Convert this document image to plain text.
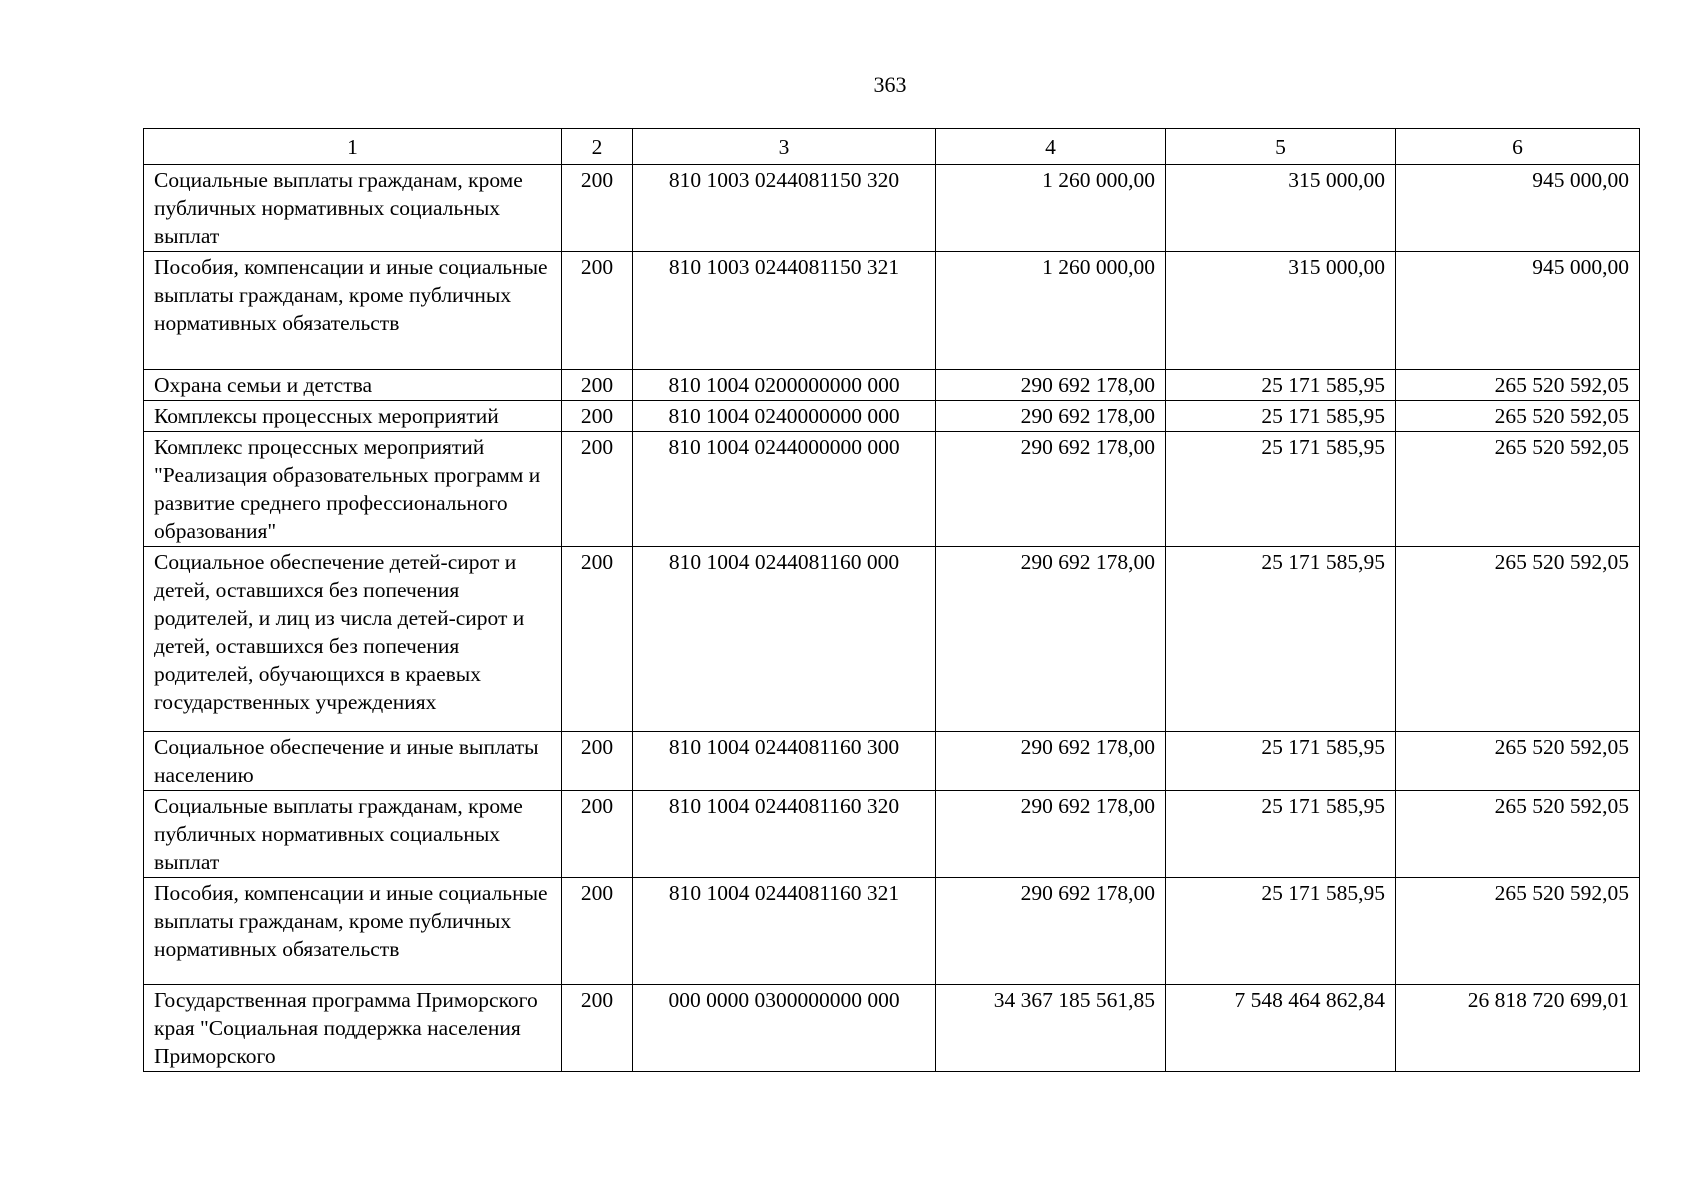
363
1	2	3	4	5	6
Социальные выплаты гражданам, кроме публичных нормативных социальных выплат	200	810 1003 0244081150 320	1 260 000,00	315 000,00	945 000,00
Пособия, компенсации и иные социальные выплаты гражданам, кроме публичных нормативных обязательств	200	810 1003 0244081150 321	1 260 000,00	315 000,00	945 000,00
Охрана семьи и детства	200	810 1004 0200000000 000	290 692 178,00	25 171 585,95	265 520 592,05
Комплексы процессных мероприятий	200	810 1004 0240000000 000	290 692 178,00	25 171 585,95	265 520 592,05
Комплекс процессных мероприятий "Реализация образовательных программ и развитие среднего профессионального образования"	200	810 1004 0244000000 000	290 692 178,00	25 171 585,95	265 520 592,05
Социальное обеспечение детей-сирот и детей, оставшихся без попечения родителей, и лиц из числа детей-сирот и детей, оставшихся без попечения родителей, обучающихся в краевых государственных учреждениях	200	810 1004 0244081160 000	290 692 178,00	25 171 585,95	265 520 592,05
Социальное обеспечение и иные выплаты населению	200	810 1004 0244081160 300	290 692 178,00	25 171 585,95	265 520 592,05
Социальные выплаты гражданам, кроме публичных нормативных социальных выплат	200	810 1004 0244081160 320	290 692 178,00	25 171 585,95	265 520 592,05
Пособия, компенсации и иные социальные выплаты гражданам, кроме публичных нормативных обязательств	200	810 1004 0244081160 321	290 692 178,00	25 171 585,95	265 520 592,05
Государственная программа Приморского края "Социальная поддержка населения Приморского	200	000 0000 0300000000 000	34 367 185 561,85	7 548 464 862,84	26 818 720 699,01
